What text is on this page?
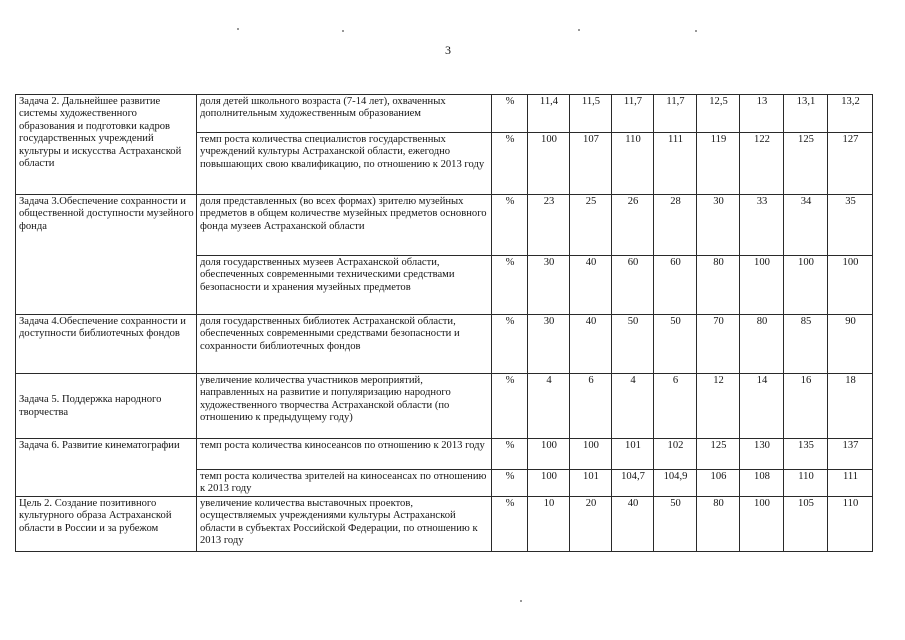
3
Задача 2. Дальнейшее развитие системы художественного образования и подготовки кадров государственных учреждений культуры и искусства Астраханской области	доля детей школьного возраста (7-14 лет), охваченных дополнительным художественным образованием	%	11,4	11,5	11,7	11,7	12,5	13	13,1	13,2
	темп роста количества специалистов государственных учреждений культуры Астраханской области, ежегодно повышающих свою квалификацию, по отношению к 2013 году	%	100	107	110	111	119	122	125	127
Задача 3.Обеспечение сохранности и общественной доступности музейного фонда	доля представленных (во всех формах) зрителю музейных предметов в общем количестве музейных предметов основного фонда музеев Астраханской области	%	23	25	26	28	30	33	34	35
	доля государственных музеев Астраханской области, обеспеченных современными техническими средствами безопасности и хранения музейных предметов	%	30	40	60	60	80	100	100	100
Задача 4.Обеспечение сохранности и доступности библиотечных фондов	доля государственных библиотек Астраханской области, обеспеченных современными средствами безопасности и сохранности библиотечных фондов	%	30	40	50	50	70	80	85	90
Задача 5. Поддержка народного творчества	увеличение количества участников мероприятий, направленных на развитие и популяризацию народного художественного творчества Астраханской области (по отношению к предыдущему году)	%	4	6	4	6	12	14	16	18
Задача 6. Развитие кинематографии	темп роста количества киносеансов по отношению к 2013 году	%	100	100	101	102	125	130	135	137
	темп роста количества зрителей на киносеансах по отношению к 2013 году	%	100	101	104,7	104,9	106	108	110	111
Цель 2. Создание позитивного культурного образа Астраханской области в России и за рубежом	увеличение количества выставочных проектов, осуществляемых учреждениями культуры Астраханской области в субъектах Российской Федерации, по отношению к 2013 году	%	10	20	40	50	80	100	105	110
